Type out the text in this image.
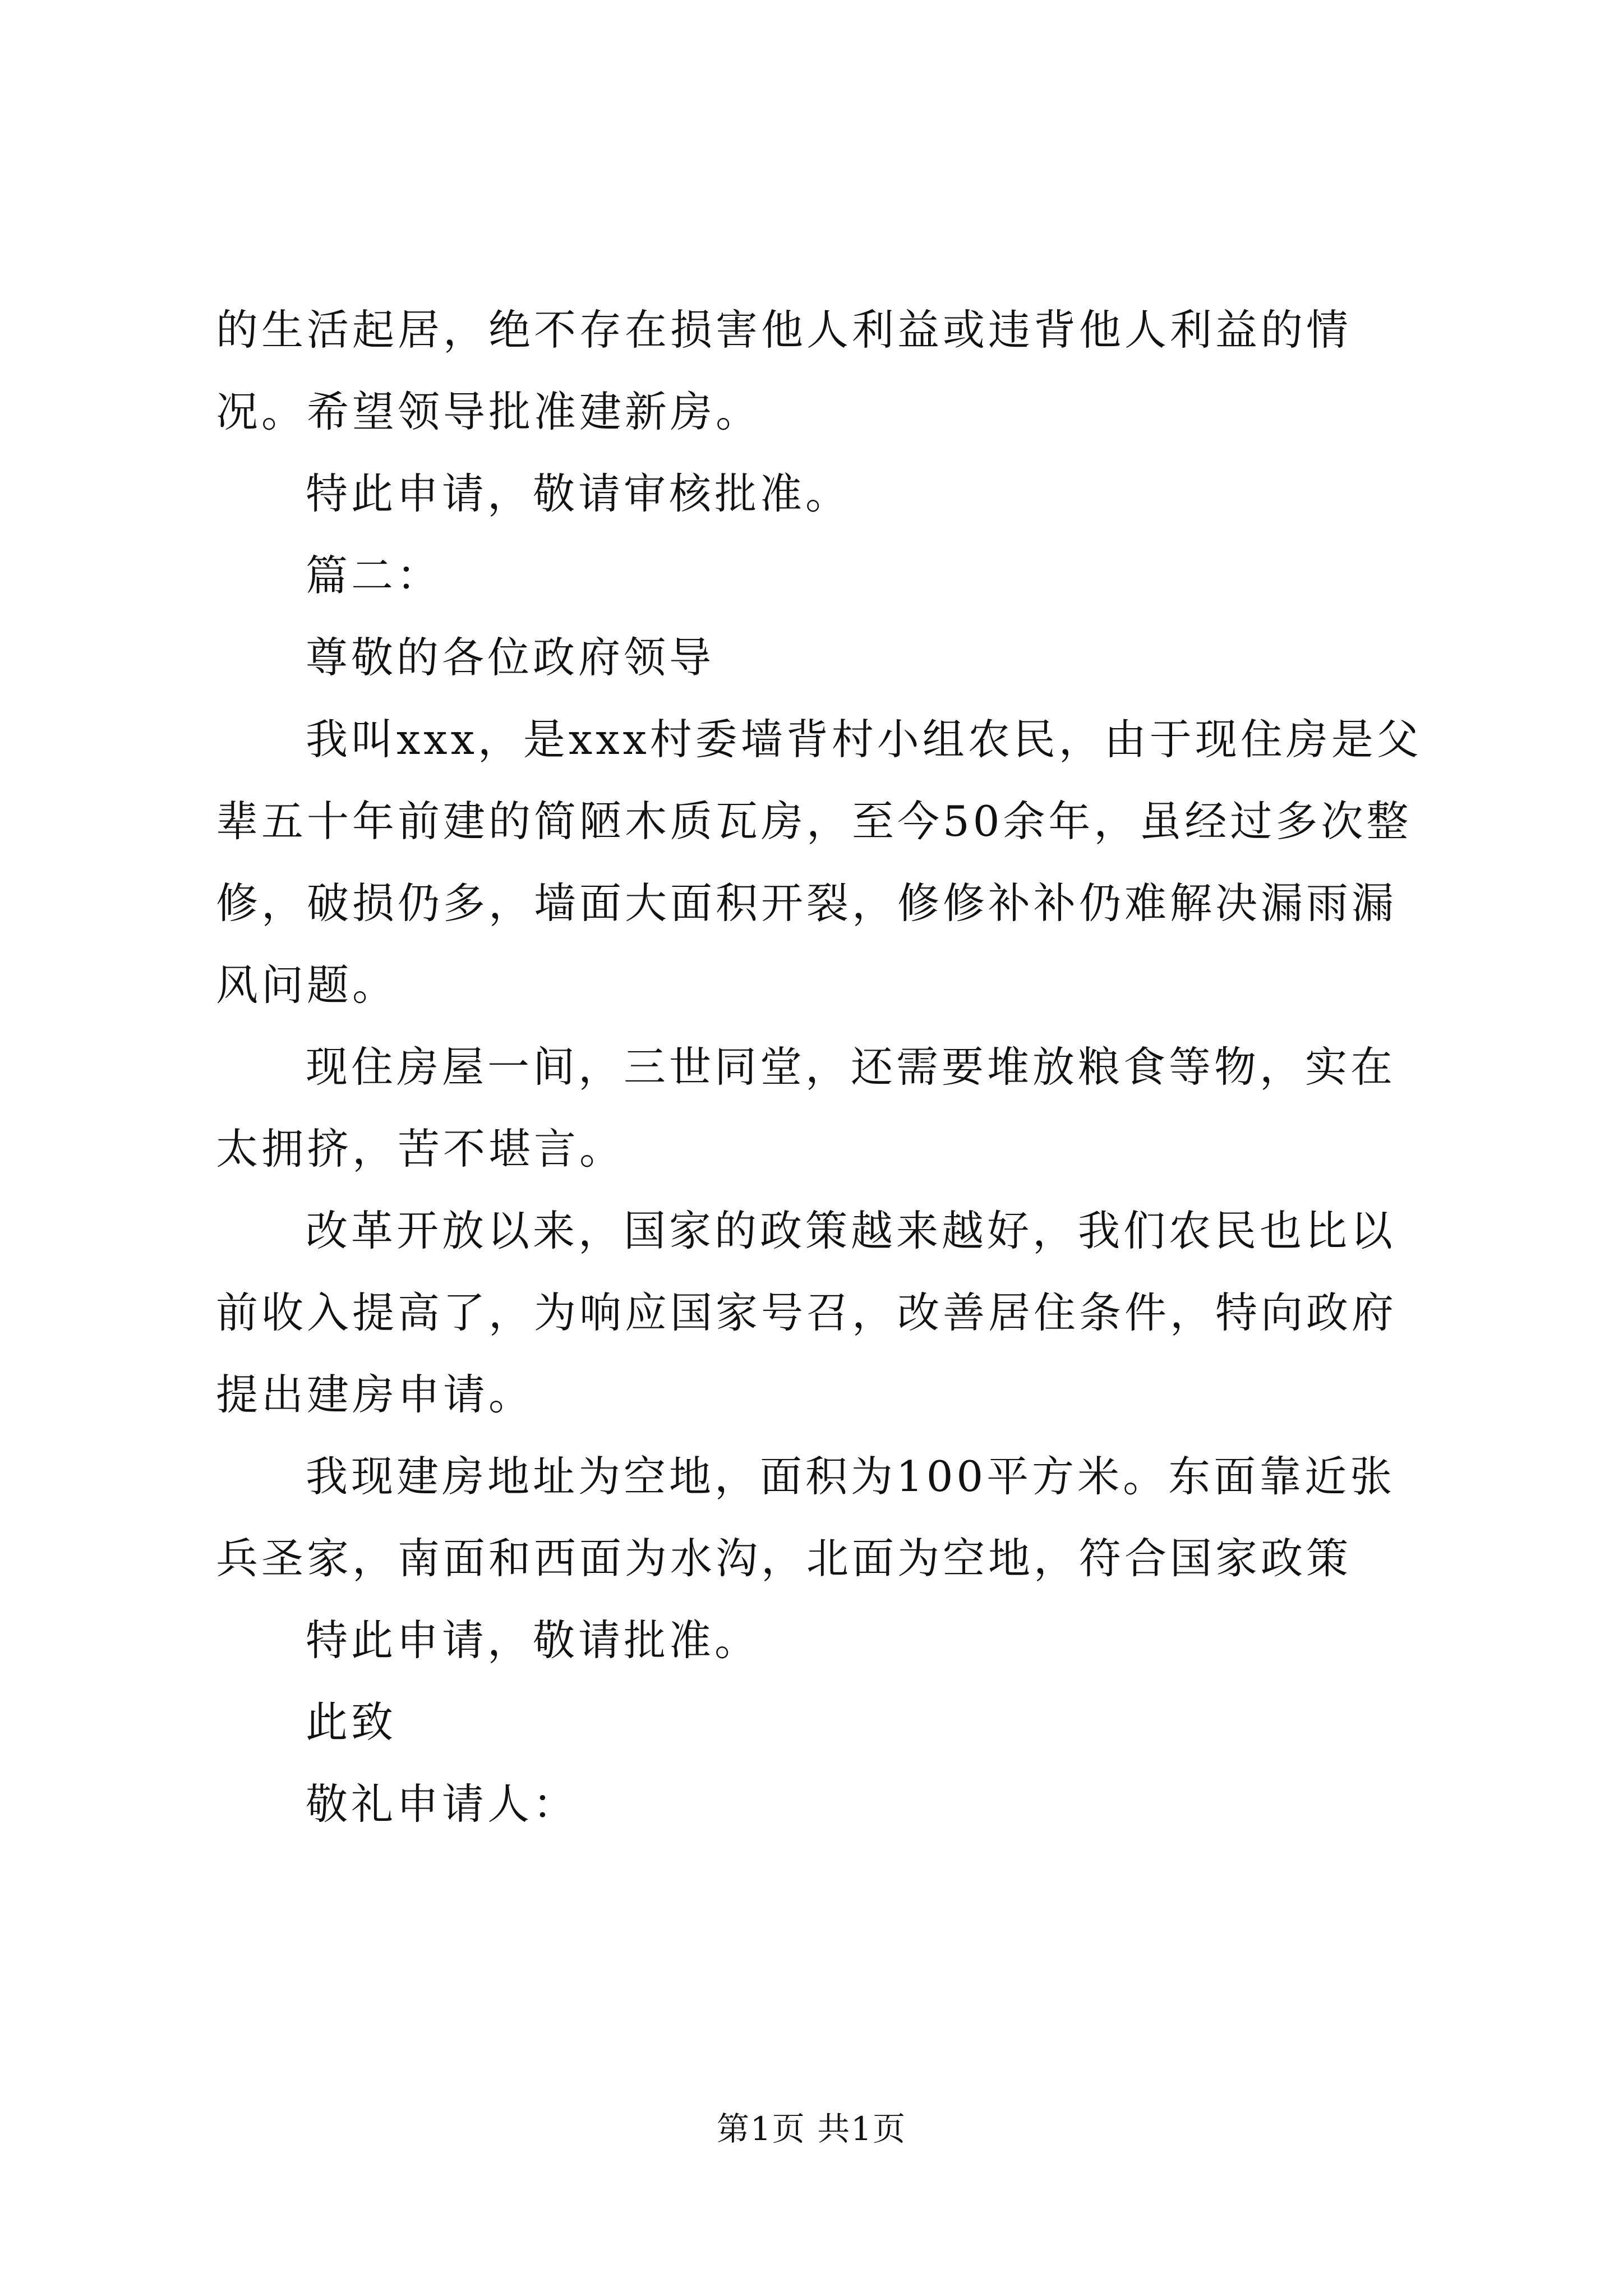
的生活起居，绝不存在损害他人利益或违背他人利益的情况。希望领导批准建新房。

特此申请，敬请审核批准。

篇二：

尊敬的各位政府领导

我叫xxx，是xxx村委墙背村小组农民，由于现住房是父辈五十年前建的简陋木质瓦房，至今50余年，虽经过多次整修，破损仍多，墙面大面积开裂，修修补补仍难解决漏雨漏风问题。

现住房屋一间，三世同堂，还需要堆放粮食等物，实在太拥挤，苦不堪言。

改革开放以来，国家的政策越来越好，我们农民也比以前收入提高了，为响应国家号召，改善居住条件，特向政府提出建房申请。

我现建房地址为空地，面积为100平方米。东面靠近张兵圣家，南面和西面为水沟，北面为空地，符合国家政策

特此申请，敬请批准。

此致

敬礼申请人：

第1页 共1页
